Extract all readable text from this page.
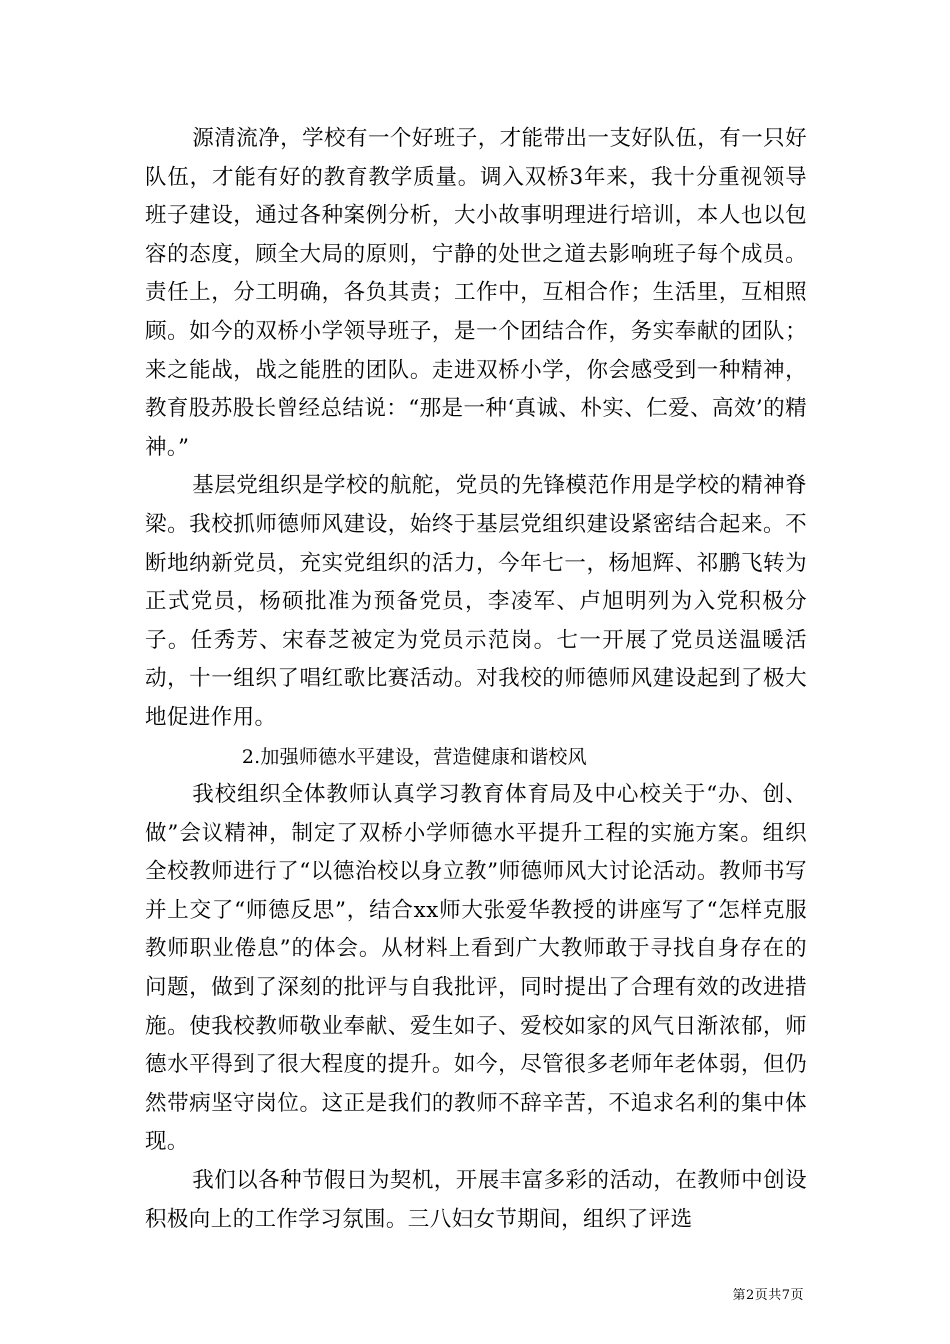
源清流净，学校有一个好班子，才能带出一支好队伍，有一只好队伍，才能有好的教育教学质量。调入双桥3年来，我十分重视领导班子建设，通过各种案例分析，大小故事明理进行培训，本人也以包容的态度，顾全大局的原则，宁静的处世之道去影响班子每个成员。责任上，分工明确，各负其责；工作中，互相合作；生活里，互相照顾。如今的双桥小学领导班子，是一个团结合作，务实奉献的团队；来之能战，战之能胜的团队。走进双桥小学，你会感受到一种精神，教育股苏股长曾经总结说：“那是一种‘真诚、朴实、仁爱、高效’的精神。”

基层党组织是学校的航舵，党员的先锋模范作用是学校的精神脊梁。我校抓师德师风建设，始终于基层党组织建设紧密结合起来。不断地纳新党员，充实党组织的活力，今年七一，杨旭辉、祁鹏飞转为正式党员，杨硕批准为预备党员，李凌军、卢旭明列为入党积极分子。任秀芳、宋春芝被定为党员示范岗。七一开展了党员送温暖活动，十一组织了唱红歌比赛活动。对我校的师德师风建设起到了极大地促进作用。

2.加强师德水平建设，营造健康和谐校风

我校组织全体教师认真学习教育体育局及中心校关于“办、创、做”会议精神，制定了双桥小学师德水平提升工程的实施方案。组织全校教师进行了“以德治校以身立教”师德师风大讨论活动。教师书写并上交了“师德反思”，结合xx师大张爱华教授的讲座写了“怎样克服教师职业倦息”的体会。从材料上看到广大教师敢于寻找自身存在的问题，做到了深刻的批评与自我批评，同时提出了合理有效的改进措施。使我校教师敬业奉献、爱生如子、爱校如家的风气日渐浓郁，师德水平得到了很大程度的提升。如今，尽管很多老师年老体弱，但仍然带病坚守岗位。这正是我们的教师不辞辛苦，不追求名利的集中体现。

我们以各种节假日为契机，开展丰富多彩的活动，在教师中创设积极向上的工作学习氛围。三八妇女节期间，组织了评选

第2页共7页
